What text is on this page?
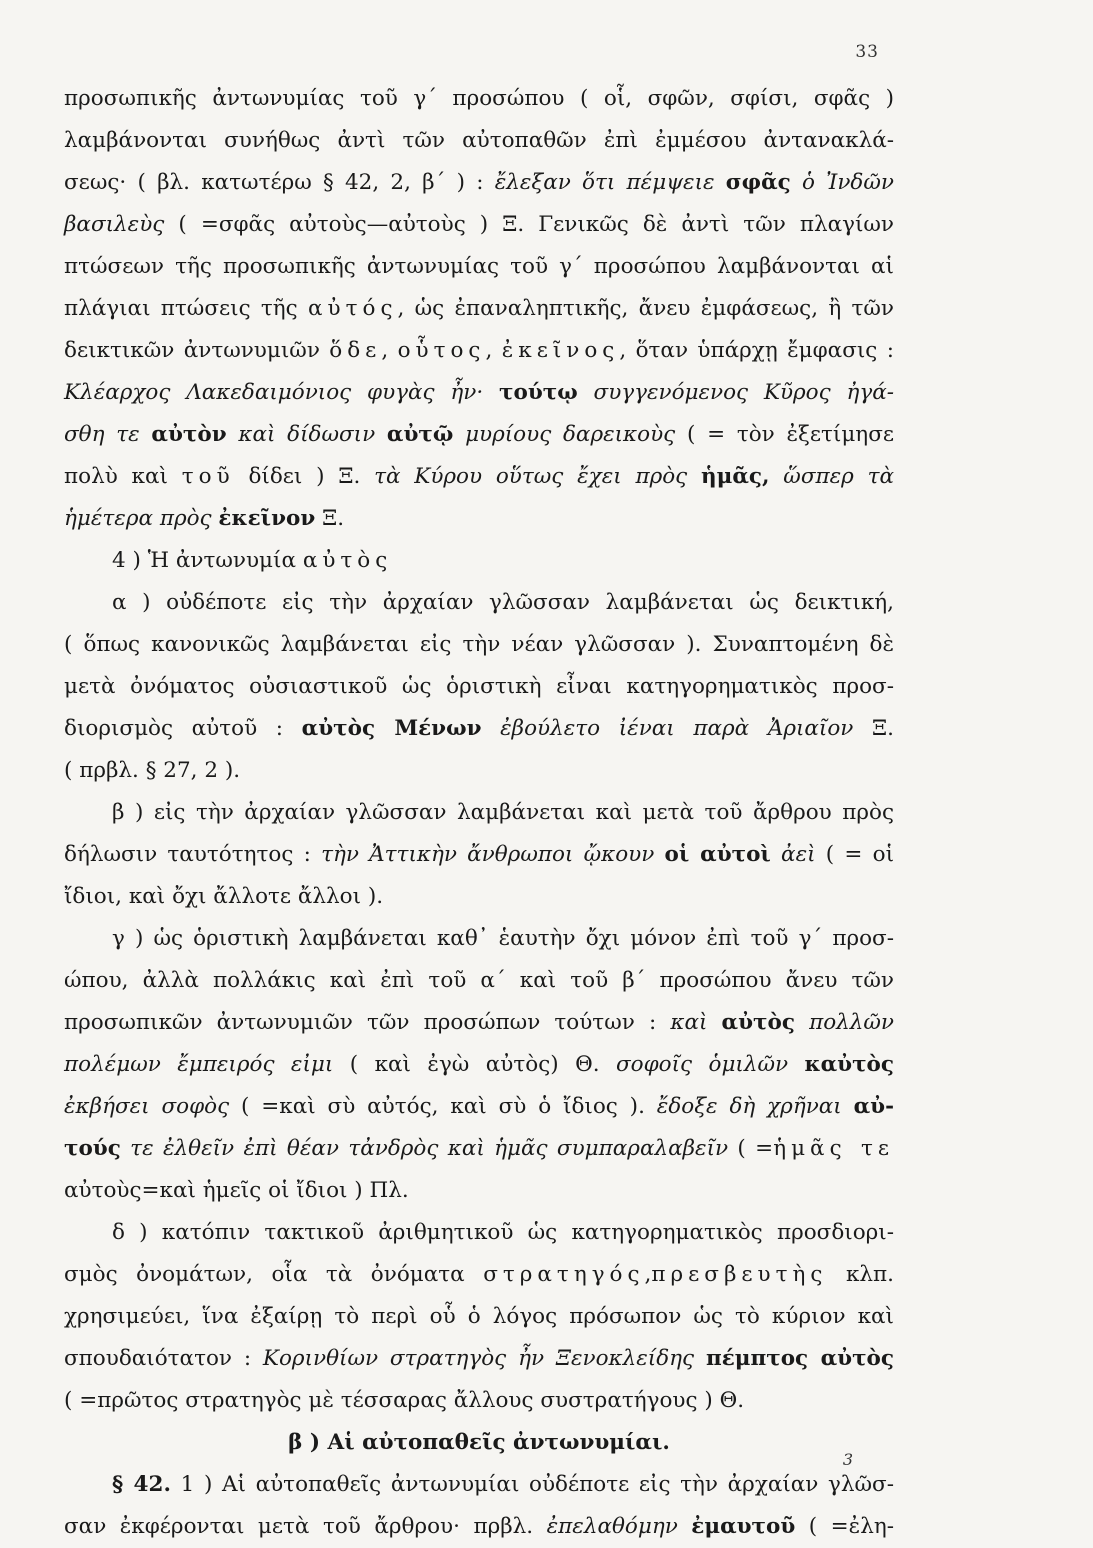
33
προσωπικῆς ἀντωνυμίας τοῦ γ΄ προσώπου ( οἷ, σφῶν, σφίσι, σφᾶς )
λαμβάνονται συνήθως ἀντὶ τῶν αὐτοπαθῶν ἐπὶ ἐμμέσου ἀντανακλά-
σεως· ( βλ. κατωτέρω § 42, 2, β΄ ) : ἔλεξαν ὅτι πέμψειε σφᾶς ὁ Ἰνδῶν
βασιλεὺς ( =σφᾶς αὐτοὺς—αὐτοὺς ) Ξ. Γενικῶς δὲ ἀντὶ τῶν πλαγίων
πτώσεων τῆς προσωπικῆς ἀντωνυμίας τοῦ γ΄ προσώπου λαμβάνονται αἱ
πλάγιαι πτώσεις τῆς αὐτός, ὡς ἐπαναληπτικῆς, ἄνευ ἐμφάσεως, ἢ τῶν
δεικτικῶν ἀντωνυμιῶν ὅδε, οὗτος, ἐκεῖνος, ὅταν ὑπάρχῃ ἔμφασις :
Κλέαρχος Λακεδαιμόνιος φυγὰς ἦν· τούτῳ συγγενόμενος Κῦρος ἠγά-
σθη τε αὐτὸν καὶ δίδωσιν αὐτῷ μυρίους δαρεικοὺς ( = τὸν ἐξετίμησε
πολὺ καὶ τοῦ δίδει ) Ξ. τὰ Κύρου οὕτως ἔχει πρὸς ἡμᾶς, ὥσπερ τὰ
ἡμέτερα πρὸς ἐκεῖνον Ξ.
4 ) Ἡ ἀντωνυμία αὐτὸς
α ) οὐδέποτε εἰς τὴν ἀρχαίαν γλῶσσαν λαμβάνεται ὡς δεικτική,
( ὅπως κανονικῶς λαμβάνεται εἰς τὴν νέαν γλῶσσαν ). Συναπτομένη δὲ
μετὰ ὀνόματος οὐσιαστικοῦ ὡς ὁριστικὴ εἶναι κατηγορηματικὸς προσ-
διορισμὸς αὐτοῦ : αὐτὸς Μένων ἐβούλετο ἰέναι παρὰ Ἀριαῖον Ξ.
( πρβλ. § 27, 2 ).
β ) εἰς τὴν ἀρχαίαν γλῶσσαν λαμβάνεται καὶ μετὰ τοῦ ἄρθρου πρὸς
δήλωσιν ταυτότητος : τὴν Ἀττικὴν ἄνθρωποι ᾤκουν οἱ αὐτοὶ ἀεὶ ( = οἱ
ἴδιοι, καὶ ὄχι ἄλλοτε ἄλλοι ).
γ ) ὡς ὁριστικὴ λαμβάνεται καθ᾽ ἑαυτὴν ὄχι μόνον ἐπὶ τοῦ γ΄ προσ-
ώπου, ἀλλὰ πολλάκις καὶ ἐπὶ τοῦ α΄ καὶ τοῦ β΄ προσώπου ἄνευ τῶν
προσωπικῶν ἀντωνυμιῶν τῶν προσώπων τούτων : καὶ αὐτὸς πολλῶν
πολέμων ἔμπειρός εἰμι ( καὶ ἐγὼ αὐτὸς) Θ. σοφοῖς ὁμιλῶν καὐτὸς
ἐκβήσει σοφὸς ( =καὶ σὺ αὐτός, καὶ σὺ ὁ ἴδιος ). ἔδοξε δὴ χρῆναι αὐ-
τούς τε ἐλθεῖν ἐπὶ θέαν τἀνδρὸς καὶ ἡμᾶς συμπαραλαβεῖν ( =ἡμᾶς τε
αὐτοὺς=καὶ ἡμεῖς οἱ ἴδιοι ) Πλ.
δ ) κατόπιν τακτικοῦ ἀριθμητικοῦ ὡς κατηγορηματικὸς προσδιορι-
σμὸς ὀνομάτων, οἷα τὰ ὀνόματα στρατηγός,πρεσβευτὴς κλπ.
χρησιμεύει, ἵνα ἐξαίρῃ τὸ περὶ οὗ ὁ λόγος πρόσωπον ὡς τὸ κύριον καὶ
σπουδαιότατον : Κορινθίων στρατηγὸς ἦν Ξενοκλείδης πέμπτος αὐτὸς
( =πρῶτος στρατηγὸς μὲ τέσσαρας ἄλλους συστρατήγους ) Θ.
β ) Αἱ αὐτοπαθεῖς ἀντωνυμίαι.
§ 42. 1 ) Αἱ αὐτοπαθεῖς ἀντωνυμίαι οὐδέποτε εἰς τὴν ἀρχαίαν γλῶσ-
σαν ἐκφέρονται μετὰ τοῦ ἄρθρου· πρβλ. ἐπελαθόμην ἐμαυτοῦ ( =ἐλη-
3
